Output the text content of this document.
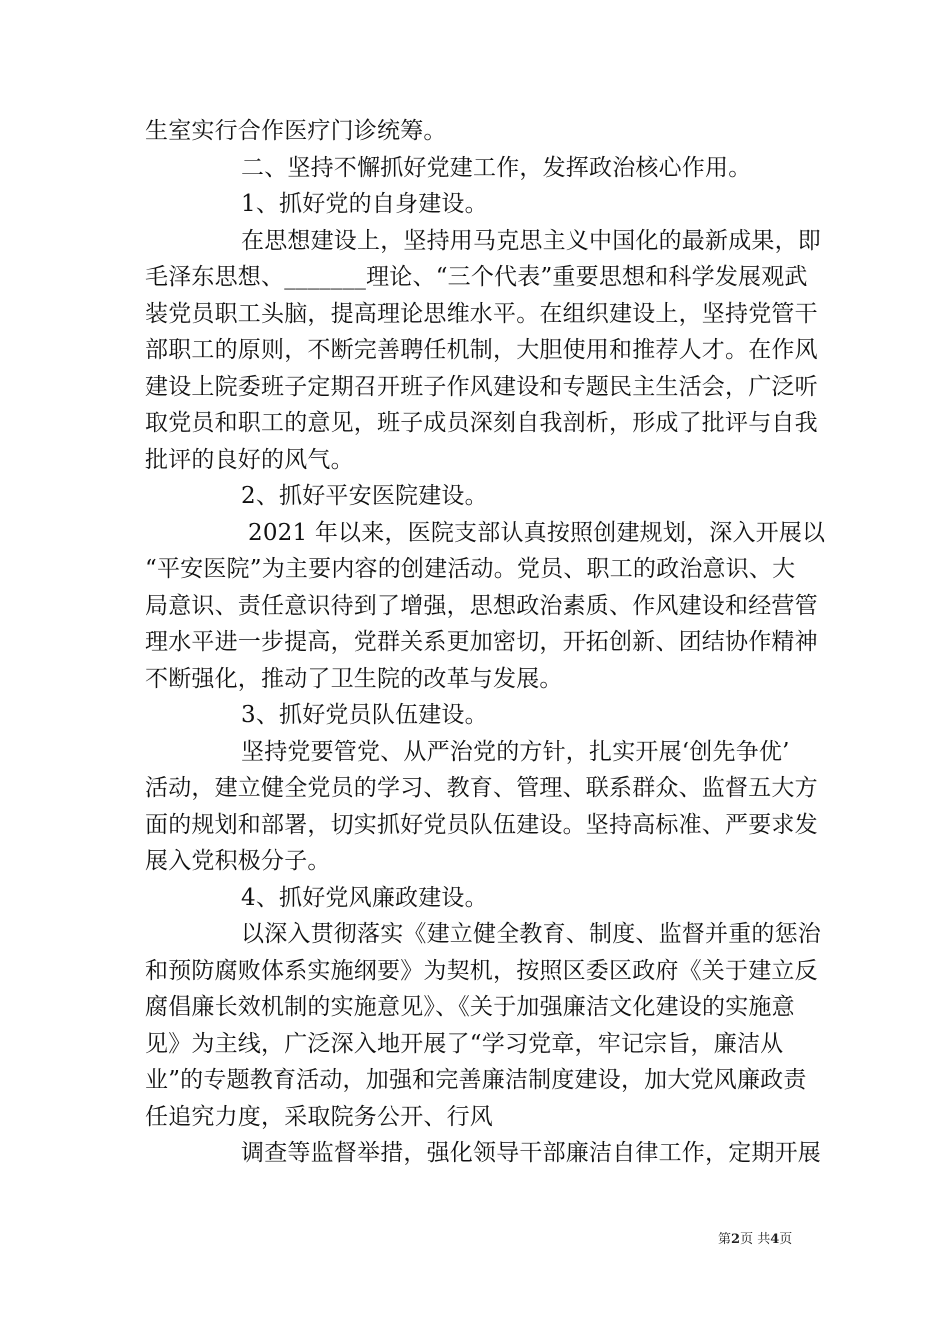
生室实行合作医疗门诊统筹。
二、坚持不懈抓好党建工作，发挥政治核心作用。
1、抓好党的自身建设。
在思想建设上，坚持用马克思主义中国化的最新成果，即
毛泽东思想、_______理论、“三个代表”重要思想和科学发展观武
装党员职工头脑，提高理论思维水平。在组织建设上，坚持党管干
部职工的原则，不断完善聘任机制，大胆使用和推荐人才。在作风
建设上院委班子定期召开班子作风建设和专题民主生活会，广泛听
取党员和职工的意见，班子成员深刻自我剖析，形成了批评与自我
批评的良好的风气。
2、抓好平安医院建设。
2021 年以来，医院支部认真按照创建规划，深入开展以
“平安医院”为主要内容的创建活动。党员、职工的政治意识、大
局意识、责任意识待到了增强，思想政治素质、作风建设和经营管
理水平进一步提高，党群关系更加密切，开拓创新、团结协作精神
不断强化，推动了卫生院的改革与发展。
3、抓好党员队伍建设。
坚持党要管党、从严治党的方针，扎实开展‘创先争优’
活动，建立健全党员的学习、教育、管理、联系群众、监督五大方
面的规划和部署，切实抓好党员队伍建设。坚持高标准、严要求发
展入党积极分子。
4、抓好党风廉政建设。
以深入贯彻落实《建立健全教育、制度、监督并重的惩治
和预防腐败体系实施纲要》为契机，按照区委区政府《关于建立反
腐倡廉长效机制的实施意见》、《关于加强廉洁文化建设的实施意
见》为主线，广泛深入地开展了“学习党章，牢记宗旨，廉洁从
业”的专题教育活动，加强和完善廉洁制度建设，加大党风廉政责
任追究力度，采取院务公开、行风
调查等监督举措，强化领导干部廉洁自律工作，定期开展
第2页 共4页
